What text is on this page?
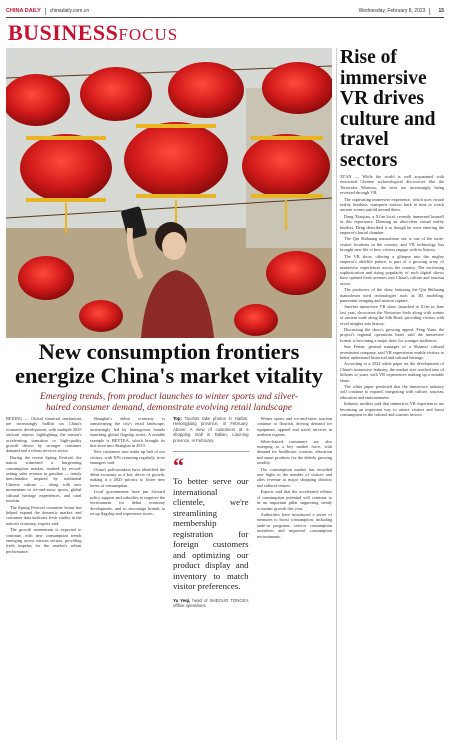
CHINA DAILY chinadaily.com.cn	Wednesday, February 8, 2023	15
BUSINESS FOCUS
New consumption frontiers energize China's market vitality
Emerging trends, from product launches to winter sports and silver-haired consumer demand, demonstrate evolving retail landscape

BEIJING — Global financial institutions are increasingly bullish on China's economic development, with multiple 2025 outlook reports highlighting the nation's accelerating transition to high-quality growth driven by stronger consumer demand and a robust services sector.

During the recent Spring Festival, the nation witnessed a burgeoning consumption market, marked by record-setting sales revenue in gasoline — trendy merchandise inspired by traditional Chinese culture — along with new momentum in ice-and-snow sports, global cultural heritage experiences, and rural tourism.

The Spring Festival consumer boom has helped expand the domestic market, and consumer data indicates fresh vitality in the nation's economy, experts said.

The growth momentum is expected to continue, with new consumption trends emerging across various sectors, providing fresh impetus for the market's robust performance.

Shanghai's debut economy is transforming the city's retail landscape, increasingly led by homegrown brands launching global flagship stores. A notable example is HEYTEA, which brought its first store into Shanghai in 2019.

New customers now make up half of our visitors, with 30% returning regularly, store managers said.

China's policymakers have identified the debut economy as a key driver of growth, making it a 2025 priority to foster new forms of consumption.

Local governments have put forward policy support and subsidies to improve the environment for debut economy development, and to encourage brands to set up flagship and experience stores.

Top: Tourists take photos in Harbin, Heilongjiang province, in February. Above: A view of customers at a shopping mall in Dalian, Liaoning province, in February.
“
To better serve our international clientele, we're streamlining membership registration for foreign customers and optimizing our product display and inventory to match visitor preferences.
Yu Yeqi, head of SHEGUO TONGS's offline operations

Winter sports and ice-and-snow tourism continue to flourish, driving demand for equipment, apparel and travel services in northern regions.

Silver-haired consumers are also emerging as a key market force, with demand for healthcare, tourism, education and smart products for the elderly growing steadily.

The consumption market has recorded new highs in the number of visitors and sales revenue at major shopping districts and cultural venues.

Experts said that the accelerated release of consumption potential will continue to be an important pillar supporting steady economic growth this year.

Authorities have introduced a series of measures to boost consumption, including trade-in programs, service consumption incentives and improved consumption environments.

Rise of immersive VR drives culture and travel sectors

XI'AN — While the world is well acquainted with renowned Chinese archaeological discoveries like the Terracotta Warriors, the sites are increasingly being revisited through VR.

The captivating immersive experience, which uses virtual reality headsets, transports visitors back in time to watch ancient scenes unfold around them.

Deng Xiaojian, a Xi'an local, recently immersed himself in this experience. Donning an ultra-clear virtual reality headset, Deng described it as though he were entering the emperor's burial chamber.

The Qin Shihuang mausoleum site is one of the most-visited locations in the country, and VR technology has brought new life to how visitors engage with its history.

The VR show, offering a glimpse into the mighty emperor's afterlife palace, is part of a growing array of immersive experiences across the country. The increasing sophistication and rising popularity of such digital shows have opened fresh avenues into China's culture and tourism sector.

The producers of the show featuring the Qin Shihuang mausoleum used technologies such as 3D modeling, panoramic imaging and motion capture.

Another immersive VR show, launched in Xi'an in June last year, showcases the Nestorian Stele along with scenes of ancient trade along the Silk Road, providing visitors with vivid insights into history.

Discussing the show's growing appeal, Feng Yuan, the project's regional operations head, said the immersive format is becoming a major draw for younger audiences.

Sun Fenan, general manager of a Shaanxi cultural investment company, said VR experiences enable visitors to better understand historical and cultural heritage.

According to a 2024 white paper on the development of China's immersive industry, the market size reached tens of billions of yuan, with VR experiences making up a notable share.

The white paper predicted that the immersive industry will continue to expand, integrating with culture, tourism, education and entertainment.

Industry insiders said that immersive VR experiences are becoming an important way to attract visitors and boost consumption in the cultural and tourism sectors.
